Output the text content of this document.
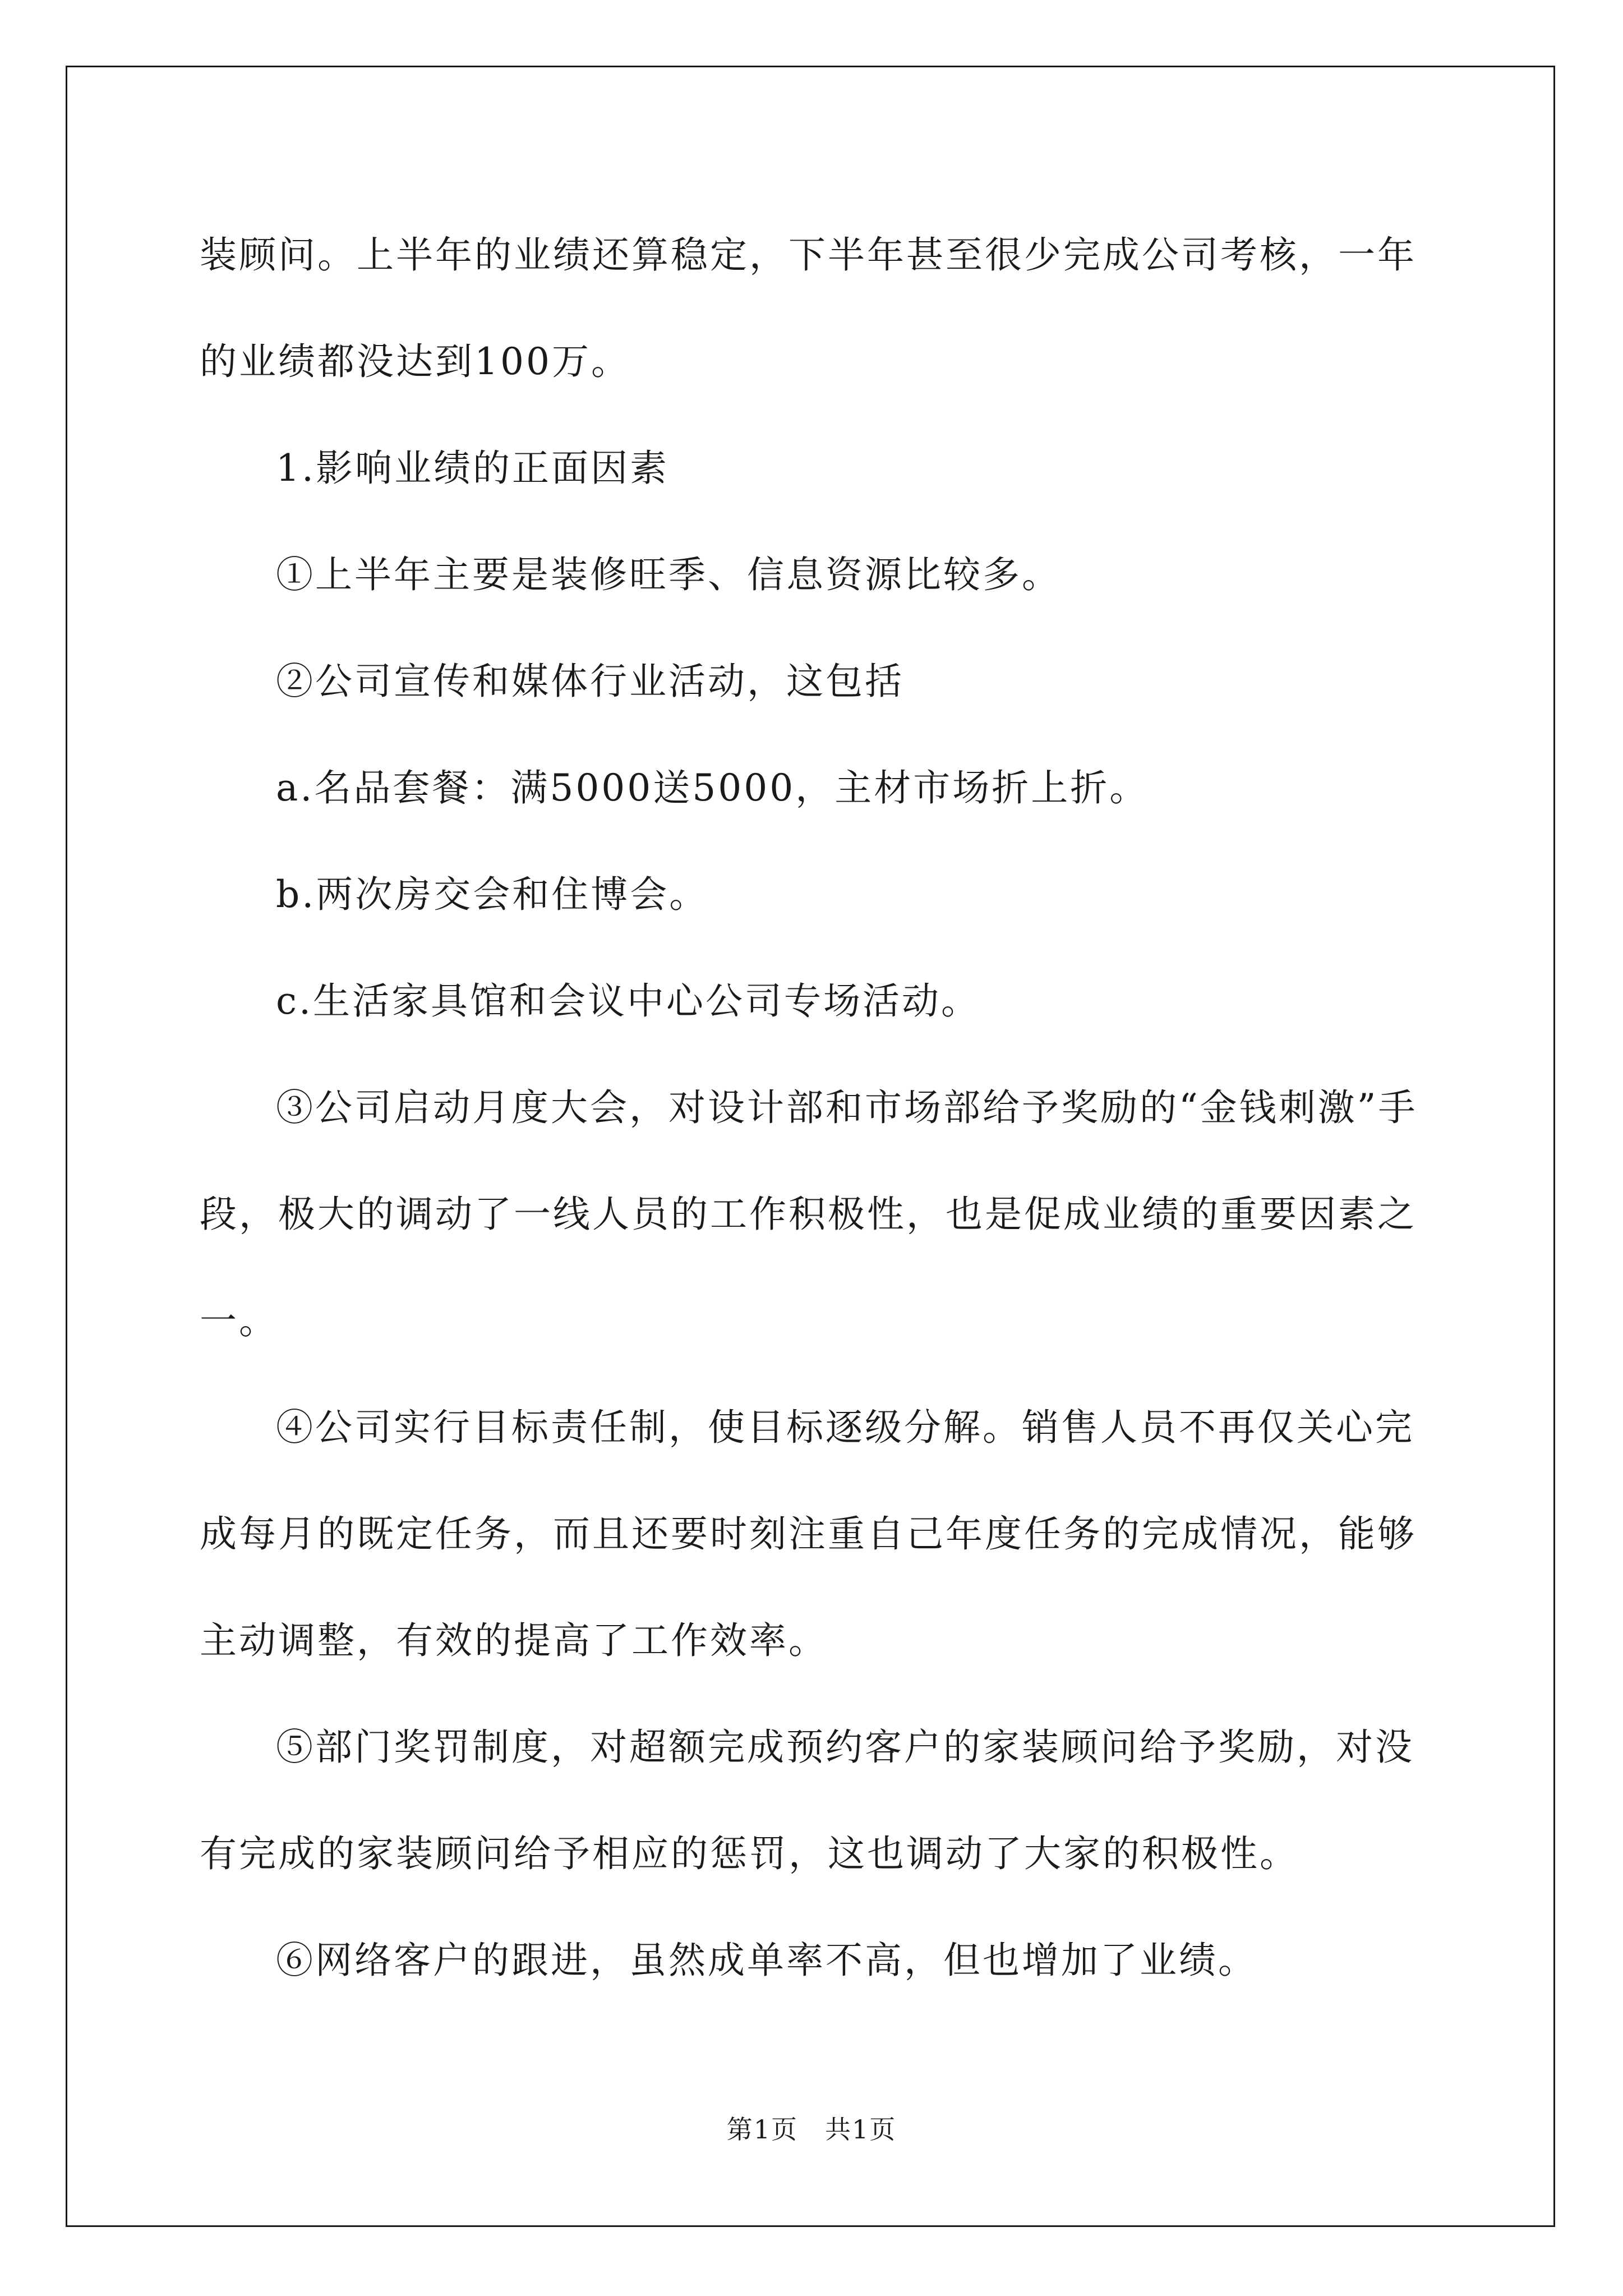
装顾问。上半年的业绩还算稳定，下半年甚至很少完成公司考核，一年的业绩都没达到100万。

1.影响业绩的正面因素

①上半年主要是装修旺季、信息资源比较多。

②公司宣传和媒体行业活动，这包括

a.名品套餐：满5000送5000，主材市场折上折。

b.两次房交会和住博会。

c.生活家具馆和会议中心公司专场活动。

③公司启动月度大会，对设计部和市场部给予奖励的“金钱刺激”手段，极大的调动了一线人员的工作积极性，也是促成业绩的重要因素之一。

④公司实行目标责任制，使目标逐级分解。销售人员不再仅关心完成每月的既定任务，而且还要时刻注重自己年度任务的完成情况，能够主动调整，有效的提高了工作效率。

⑤部门奖罚制度，对超额完成预约客户的家装顾问给予奖励，对没有完成的家装顾问给予相应的惩罚，这也调动了大家的积极性。

⑥网络客户的跟进，虽然成单率不高，但也增加了业绩。

第1页 共1页
